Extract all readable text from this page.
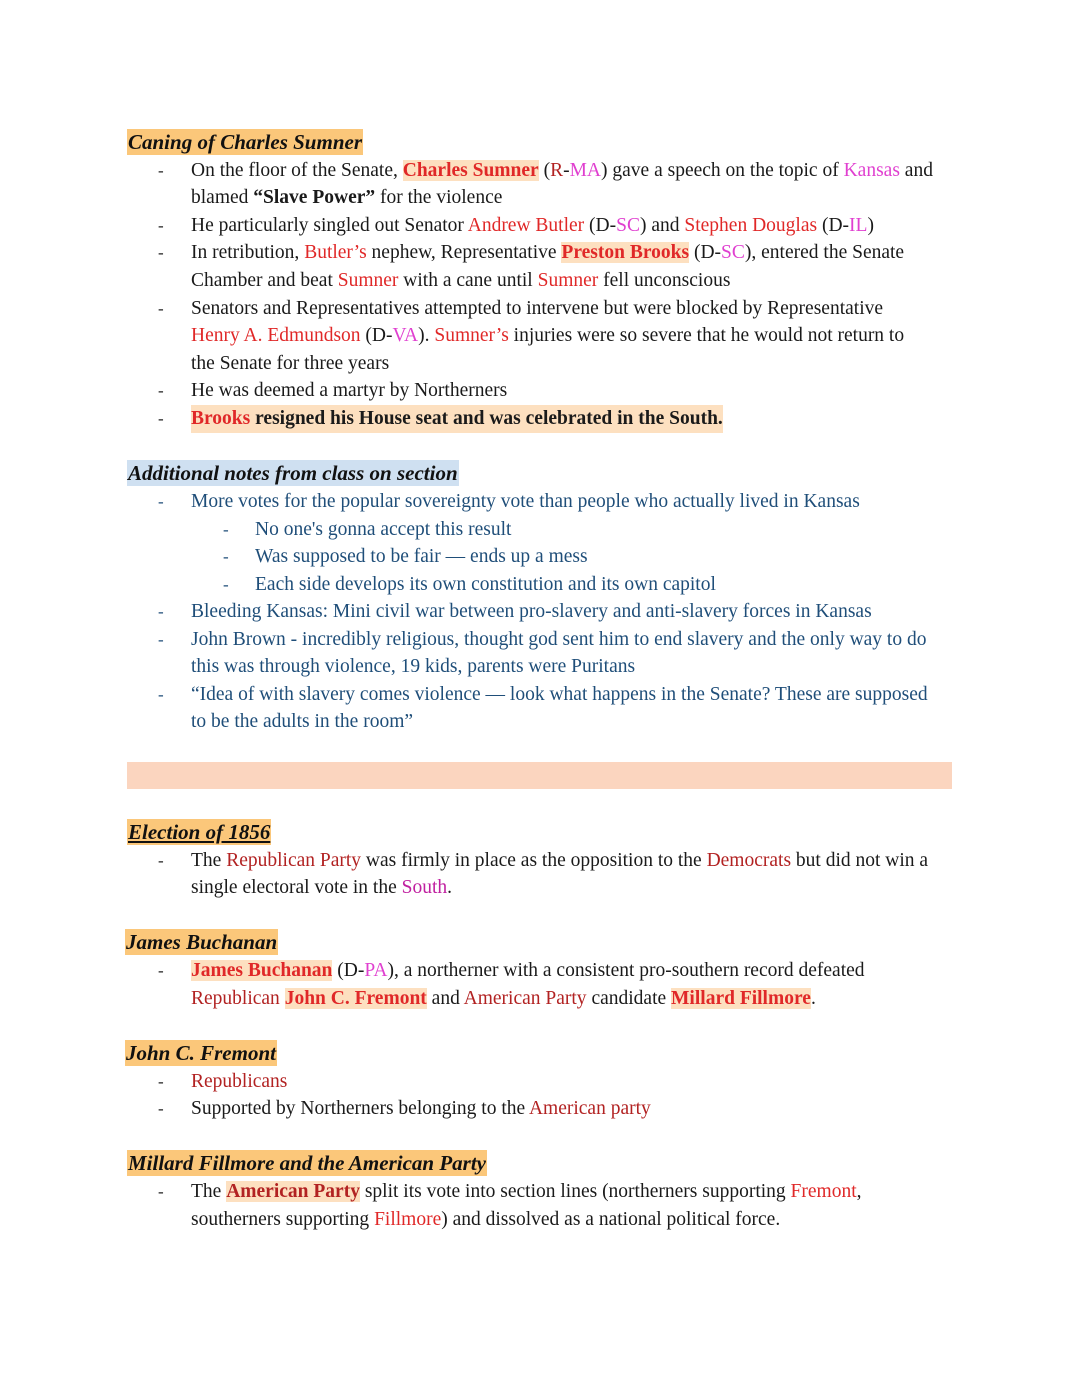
Caning of Charles Sumner
- On the floor of the Senate, Charles Sumner (R-MA) gave a speech on the topic of Kansas and
blamed “Slave Power” for the violence
- He particularly singled out Senator Andrew Butler (D-SC) and Stephen Douglas (D-IL)
- In retribution, Butler’s nephew, Representative Preston Brooks (D-SC), entered the Senate
Chamber and beat Sumner with a cane until Sumner fell unconscious
- Senators and Representatives attempted to intervene but were blocked by Representative
Henry A. Edmundson (D-VA). Sumner’s injuries were so severe that he would not return to
the Senate for three years
- He was deemed a martyr by Northerners
- Brooks resigned his House seat and was celebrated in the South.
Additional notes from class on section
- More votes for the popular sovereignty vote than people who actually lived in Kansas
- No one's gonna accept this result
- Was supposed to be fair — ends up a mess
- Each side develops its own constitution and its own capitol
- Bleeding Kansas: Mini civil war between pro-slavery and anti-slavery forces in Kansas
- John Brown - incredibly religious, thought god sent him to end slavery and the only way to do
this was through violence, 19 kids, parents were Puritans
- “Idea of with slavery comes violence — look what happens in the Senate? These are supposed
to be the adults in the room”
Election of 1856
- The Republican Party was firmly in place as the opposition to the Democrats but did not win a
single electoral vote in the South.
James Buchanan
- James Buchanan (D-PA), a northerner with a consistent pro-southern record defeated
Republican John C. Fremont and American Party candidate Millard Fillmore.
John C. Fremont
- Republicans
- Supported by Northerners belonging to the American party
Millard Fillmore and the American Party
- The American Party split its vote into section lines (northerners supporting Fremont,
southerners supporting Fillmore) and dissolved as a national political force.
